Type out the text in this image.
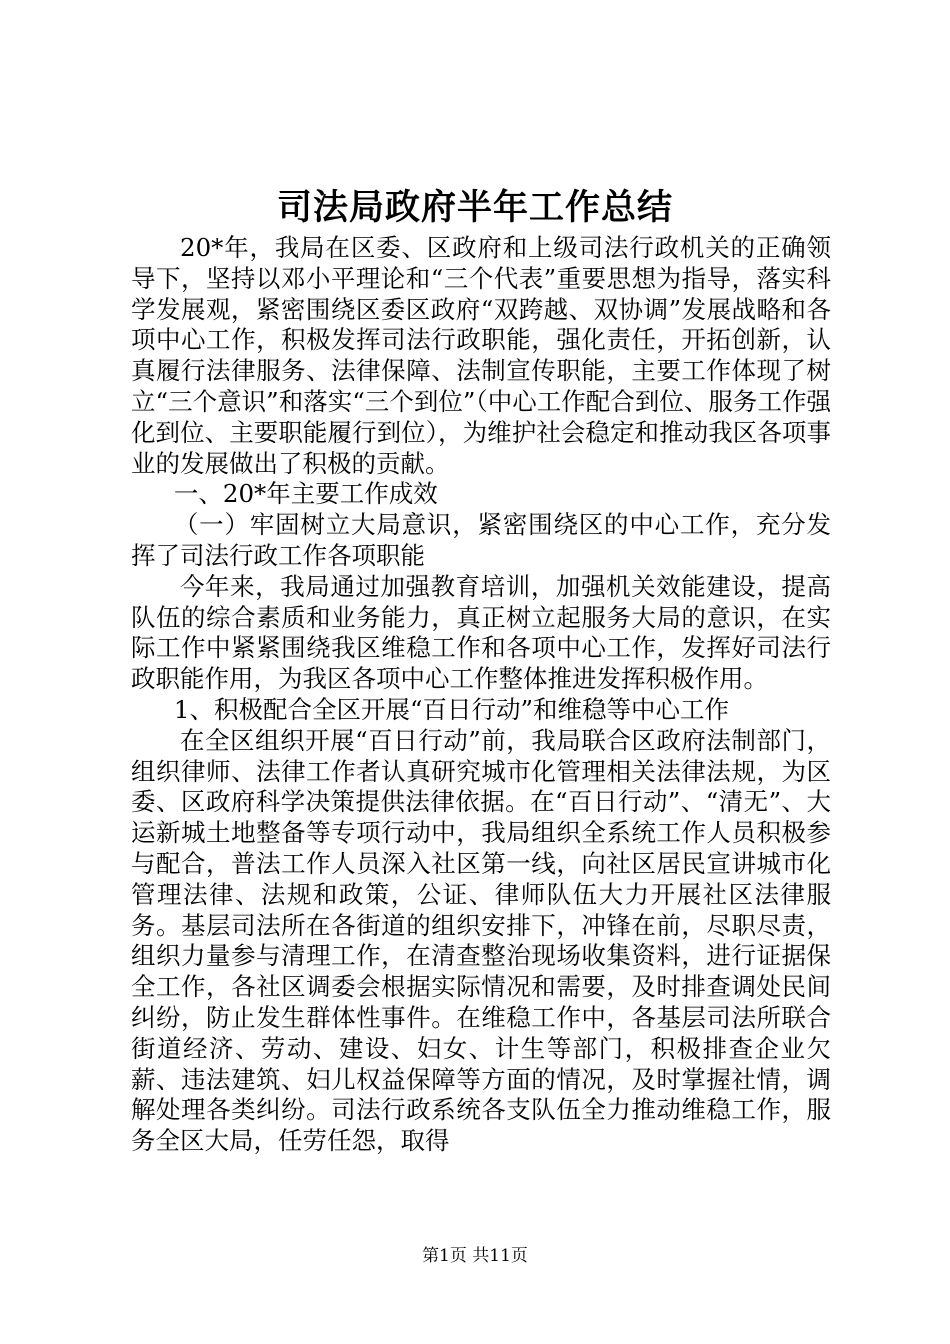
司法局政府半年工作总结

20*年，我局在区委、区政府和上级司法行政机关的正确领导下，坚持以邓小平理论和“三个代表”重要思想为指导，落实科学发展观，紧密围绕区委区政府“双跨越、双协调”发展战略和各项中心工作，积极发挥司法行政职能，强化责任，开拓创新，认真履行法律服务、法律保障、法制宣传职能，主要工作体现了树立“三个意识”和落实“三个到位”（中心工作配合到位、服务工作强化到位、主要职能履行到位），为维护社会稳定和推动我区各项事业的发展做出了积极的贡献。

一、20*年主要工作成效

（一）牢固树立大局意识，紧密围绕区的中心工作，充分发挥了司法行政工作各项职能

今年来，我局通过加强教育培训，加强机关效能建设，提高队伍的综合素质和业务能力，真正树立起服务大局的意识，在实际工作中紧紧围绕我区维稳工作和各项中心工作，发挥好司法行政职能作用，为我区各项中心工作整体推进发挥积极作用。

1、积极配合全区开展“百日行动”和维稳等中心工作

在全区组织开展“百日行动”前，我局联合区政府法制部门，组织律师、法律工作者认真研究城市化管理相关法律法规，为区委、区政府科学决策提供法律依据。在“百日行动”、“清无”、大运新城土地整备等专项行动中，我局组织全系统工作人员积极参与配合，普法工作人员深入社区第一线，向社区居民宣讲城市化管理法律、法规和政策，公证、律师队伍大力开展社区法律服务。基层司法所在各街道的组织安排下，冲锋在前，尽职尽责，组织力量参与清理工作，在清查整治现场收集资料，进行证据保全工作，各社区调委会根据实际情况和需要，及时排查调处民间纠纷，防止发生群体性事件。在维稳工作中，各基层司法所联合街道经济、劳动、建设、妇女、计生等部门，积极排查企业欠薪、违法建筑、妇儿权益保障等方面的情况，及时掌握社情，调解处理各类纠纷。司法行政系统各支队伍全力推动维稳工作，服务全区大局，任劳任怨，取得

第1页 共11页
